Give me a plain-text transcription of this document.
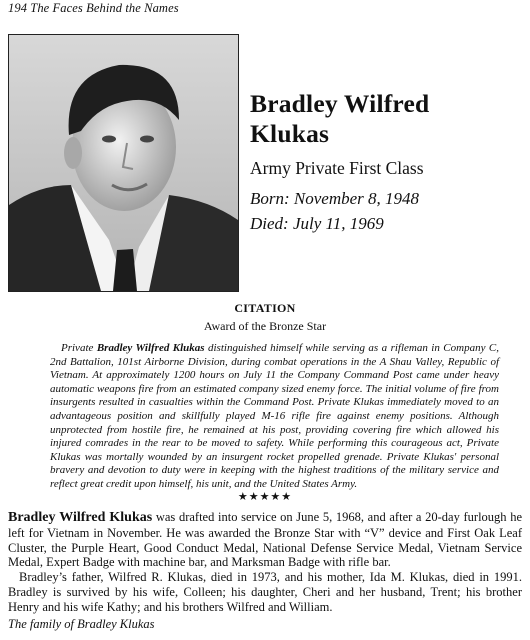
194 The Faces Behind the Names
Bradley Wilfred
Klukas
Army Private First Class
Born: November 8, 1948
Died: July 11, 1969
CITATION
Award of the Bronze Star

Private Bradley Wilfred Klukas distinguished himself while serving as a rifleman in Company C, 2nd Battalion, 101st Airborne Division, during combat operations in the A Shau Valley, Republic of Vietnam. At approximately 1200 hours on July 11 the Company Command Post came under heavy automatic weapons fire from an estimated company sized enemy force. The initial volume of fire from insurgents resulted in casualties within the Command Post. Private Klukas immediately moved to an advantageous position and skillfully played M-16 rifle fire against enemy positions. Although unprotected from hostile fire, he remained at his post, providing covering fire which allowed his injured comrades in the rear to be moved to safety. While performing this courageous act, Private Klukas was mortally wounded by an insurgent rocket propelled grenade. Private Klukas' personal bravery and devotion to duty were in keeping with the highest traditions of the military service and reflect great credit upon himself, his unit, and the United States Army.

★★★★★

Bradley Wilfred Klukas was drafted into service on June 5, 1968, and after a 20-day furlough he left for Vietnam in November. He was awarded the Bronze Star with “V” device and First Oak Leaf Cluster, the Purple Heart, Good Conduct Medal, National Defense Service Medal, Vietnam Service Medal, Expert Badge with machine bar, and Marksman Badge with rifle bar.

Bradley’s father, Wilfred R. Klukas, died in 1973, and his mother, Ida M. Klukas, died in 1991. Bradley is survived by his wife, Colleen; his daughter, Cheri and her husband, Trent; his brother Henry and his wife Kathy; and his brothers Wilfred and William.

The family of Bradley Klukas
